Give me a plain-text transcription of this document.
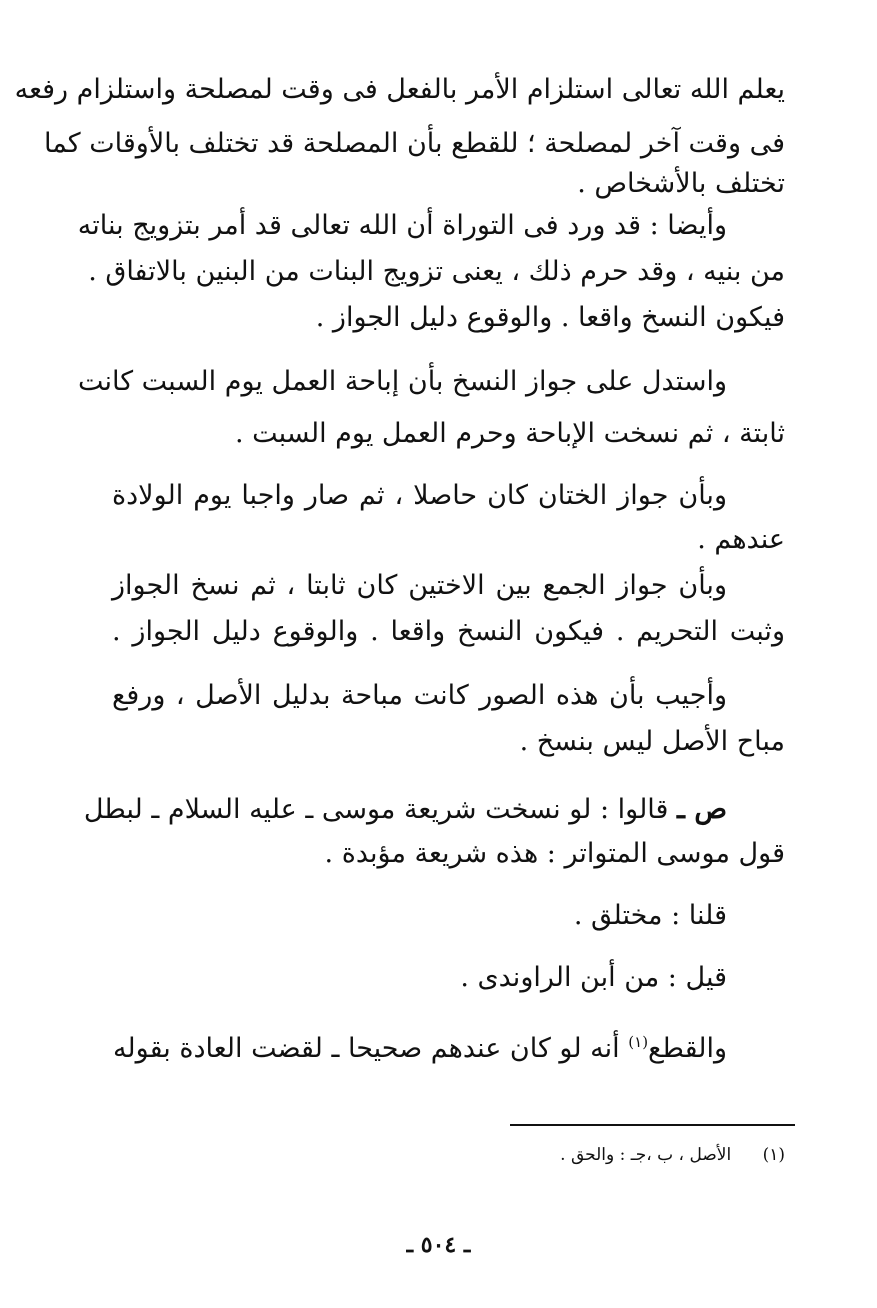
يعلم الله تعالى استلزام الأمر بالفعل فى وقت لمصلحة واستلزام رفعه
فى وقت آخر لمصلحة ؛ للقطع بأن المصلحة قد تختلف بالأوقات كما
تختلف بالأشخاص .
وأيضا : قد ورد فى التوراة أن الله تعالى قد أمر بتزويج بناته
من بنيه ، وقد حرم ذلك ، يعنى تزويج البنات من البنين بالاتفاق .
فيكون النسخ واقعا . والوقوع دليل الجواز .
واستدل على جواز النسخ بأن إباحة العمل يوم السبت كانت
ثابتة ، ثم نسخت الإباحة وحرم العمل يوم السبت .
وبأن جواز الختان كان حاصلا ، ثم صار واجبا يوم الولادة
عندهم .
وبأن جواز الجمع بين الاختين كان ثابتا ، ثم نسخ الجواز
وثبت التحريم . فيكون النسخ واقعا . والوقوع دليل الجواز .
وأجيب بأن هذه الصور كانت مباحة بدليل الأصل ، ورفع
مباح الأصل ليس بنسخ .
ص ـ قالوا : لو نسخت شريعة موسى ـ عليه السلام ـ لبطل
قول موسى المتواتر : هذه شريعة مؤبدة .
قلنا : مختلق .
قيل : من أبن الراوندى .
والقطع$^{(١)}$ أنه لو كان عندهم صحيحا ـ لقضت العادة بقوله
(١) الأصل ، ب ،جـ : والحق .
ـ ٥٠٤ ـ
